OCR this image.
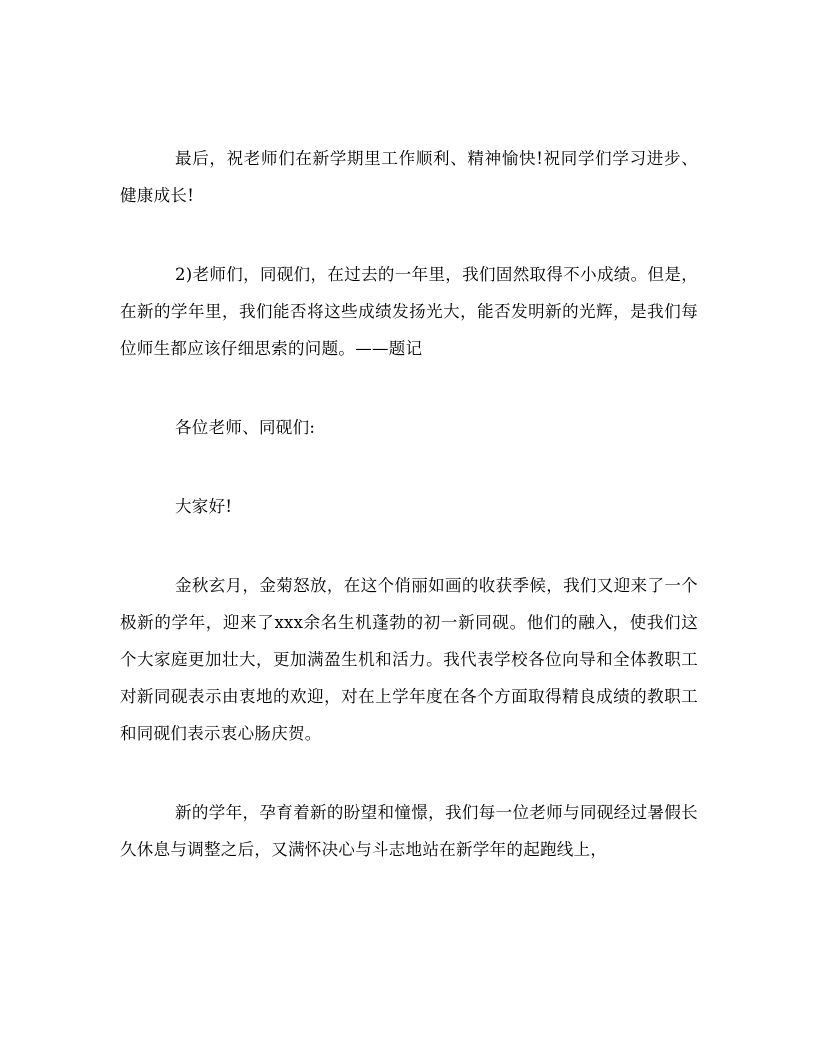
最后，祝老师们在新学期里工作顺利、精神愉快!祝同学们学习进步、健康成长!

2)老师们，同砚们，在过去的一年里，我们固然取得不小成绩。但是，在新的学年里，我们能否将这些成绩发扬光大，能否发明新的光辉，是我们每位师生都应该仔细思索的问题。——题记

各位老师、同砚们:

大家好!

金秋玄月，金菊怒放，在这个俏丽如画的收获季候，我们又迎来了一个极新的学年，迎来了xxx余名生机蓬勃的初一新同砚。他们的融入，使我们这个大家庭更加壮大，更加满盈生机和活力。我代表学校各位向导和全体教职工对新同砚表示由衷地的欢迎，对在上学年度在各个方面取得精良成绩的教职工和同砚们表示衷心肠庆贺。

新的学年，孕育着新的盼望和憧憬，我们每一位老师与同砚经过暑假长久休息与调整之后，又满怀决心与斗志地站在新学年的起跑线上，
